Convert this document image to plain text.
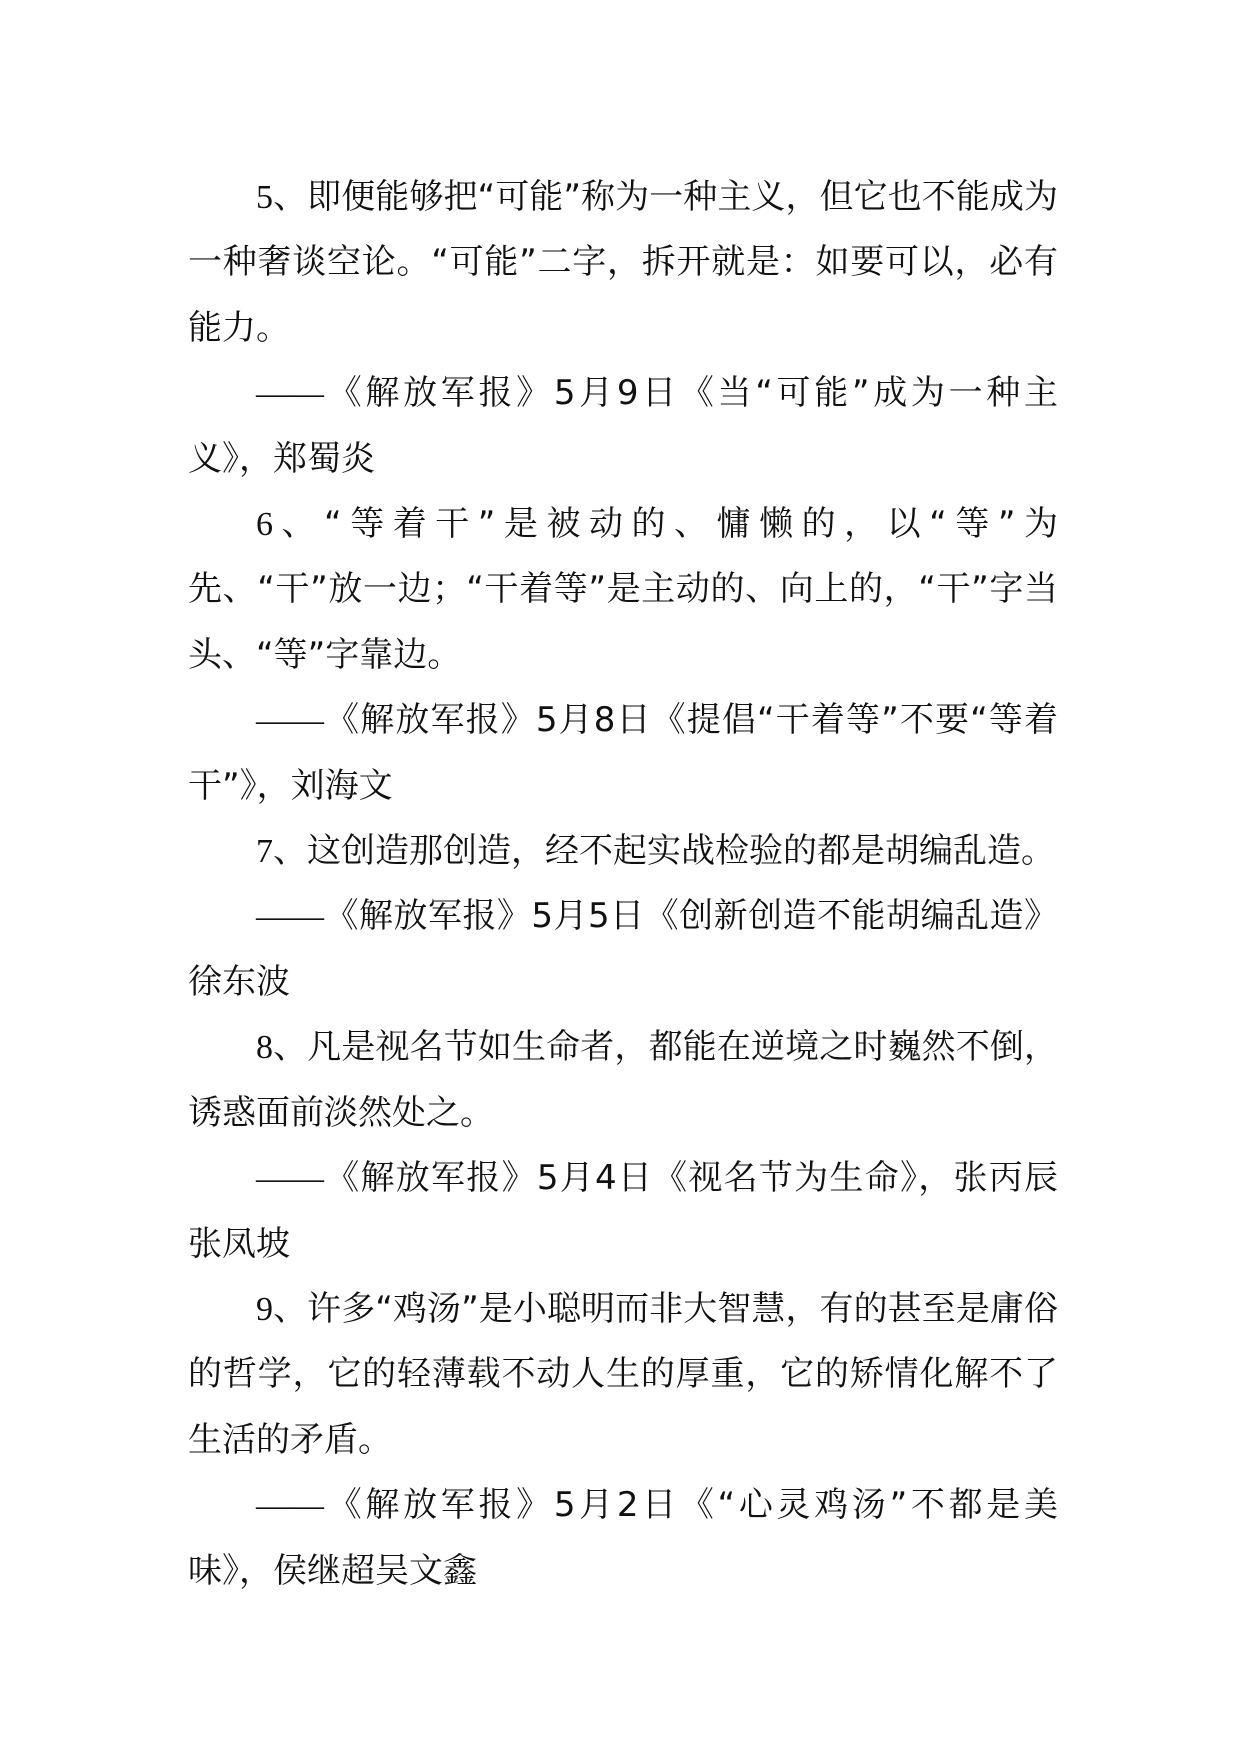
5、即便能够把“可能”称为一种主义，但它也不能成为一种奢谈空论。“可能”二字，拆开就是：如要可以，必有能力。

——《解放军报》5月9日《当“可能”成为一种主义》，郑蜀炎

6、“等着干”是被动的、慵懒的，以“等”为先、“干”放一边；“干着等”是主动的、向上的，“干”字当头、“等”字靠边。

——《解放军报》5月8日《提倡“干着等”不要“等着干”》，刘海文

7、这创造那创造，经不起实战检验的都是胡编乱造。

——《解放军报》5月5日《创新创造不能胡编乱造》徐东波

8、凡是视名节如生命者，都能在逆境之时巍然不倒，诱惑面前淡然处之。

——《解放军报》5月4日《视名节为生命》，张丙辰张凤坡

9、许多“鸡汤”是小聪明而非大智慧，有的甚至是庸俗的哲学，它的轻薄载不动人生的厚重，它的矫情化解不了生活的矛盾。

——《解放军报》5月2日《“心灵鸡汤”不都是美味》，侯继超吴文鑫
